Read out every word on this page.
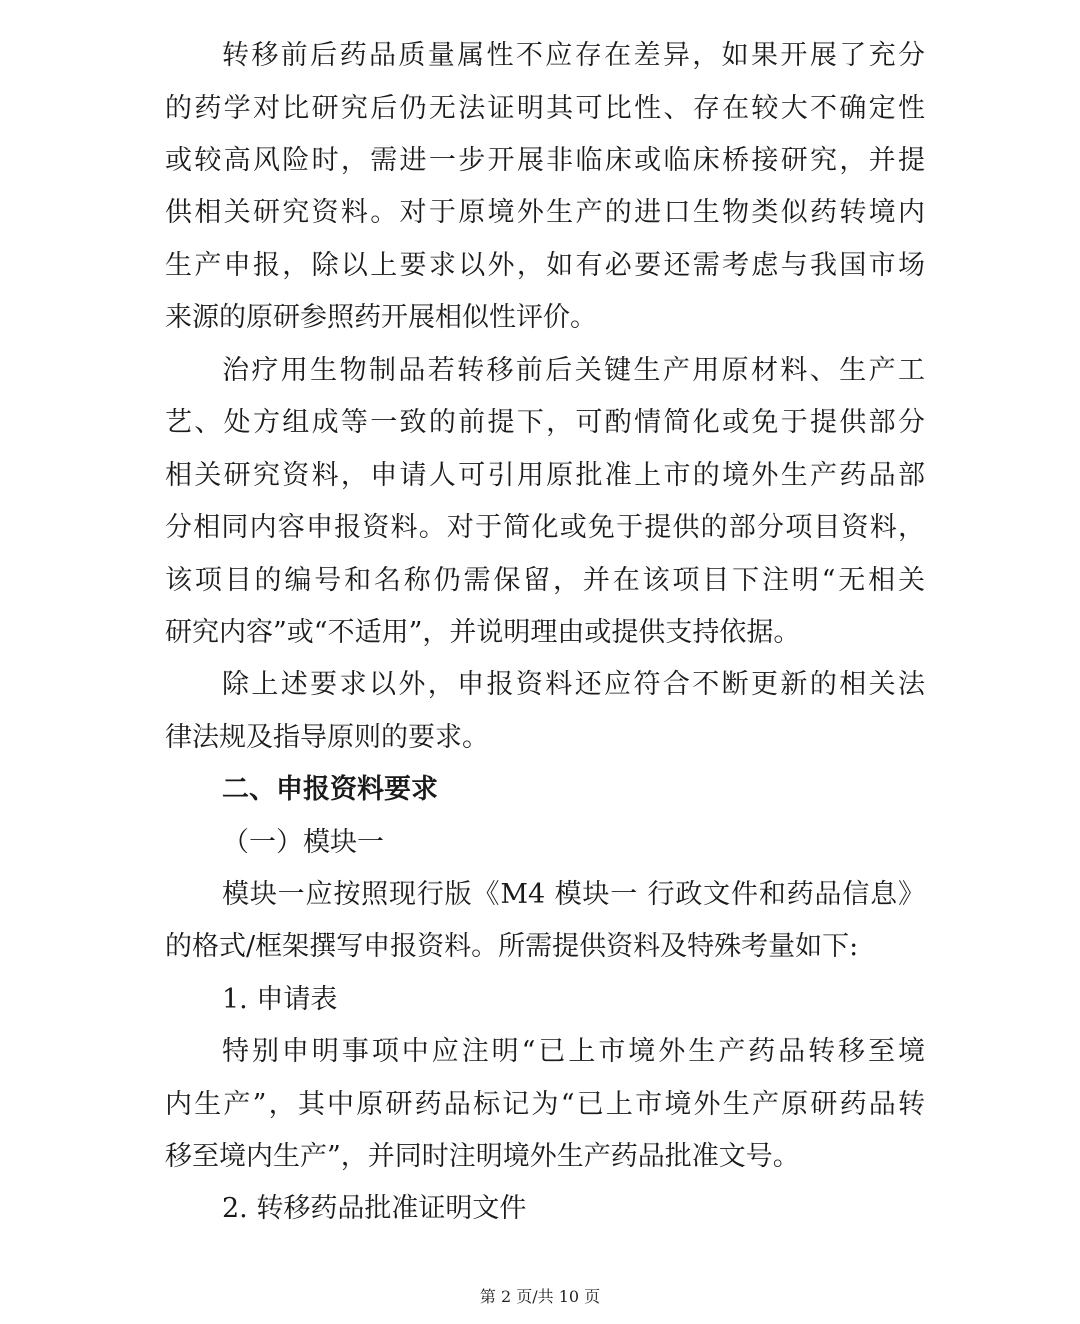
转移前后药品质量属性不应存在差异，如果开展了充分
的药学对比研究后仍无法证明其可比性、存在较大不确定性
或较高风险时，需进一步开展非临床或临床桥接研究，并提
供相关研究资料。对于原境外生产的进口生物类似药转境内
生产申报，除以上要求以外，如有必要还需考虑与我国市场
来源的原研参照药开展相似性评价。
治疗用生物制品若转移前后关键生产用原材料、生产工
艺、处方组成等一致的前提下，可酌情简化或免于提供部分
相关研究资料，申请人可引用原批准上市的境外生产药品部
分相同内容申报资料。对于简化或免于提供的部分项目资料，
该项目的编号和名称仍需保留，并在该项目下注明“无相关
研究内容”或“不适用”，并说明理由或提供支持依据。
除上述要求以外，申报资料还应符合不断更新的相关法
律法规及指导原则的要求。
二、申报资料要求
（一）模块一
模块一应按照现行版《M4 模块一 行政文件和药品信息》
的格式/框架撰写申报资料。所需提供资料及特殊考量如下:
1. 申请表
特别申明事项中应注明“已上市境外生产药品转移至境
内生产”，其中原研药品标记为“已上市境外生产原研药品转
移至境内生产”，并同时注明境外生产药品批准文号。
2. 转移药品批准证明文件
第 2 页/共 10 页
